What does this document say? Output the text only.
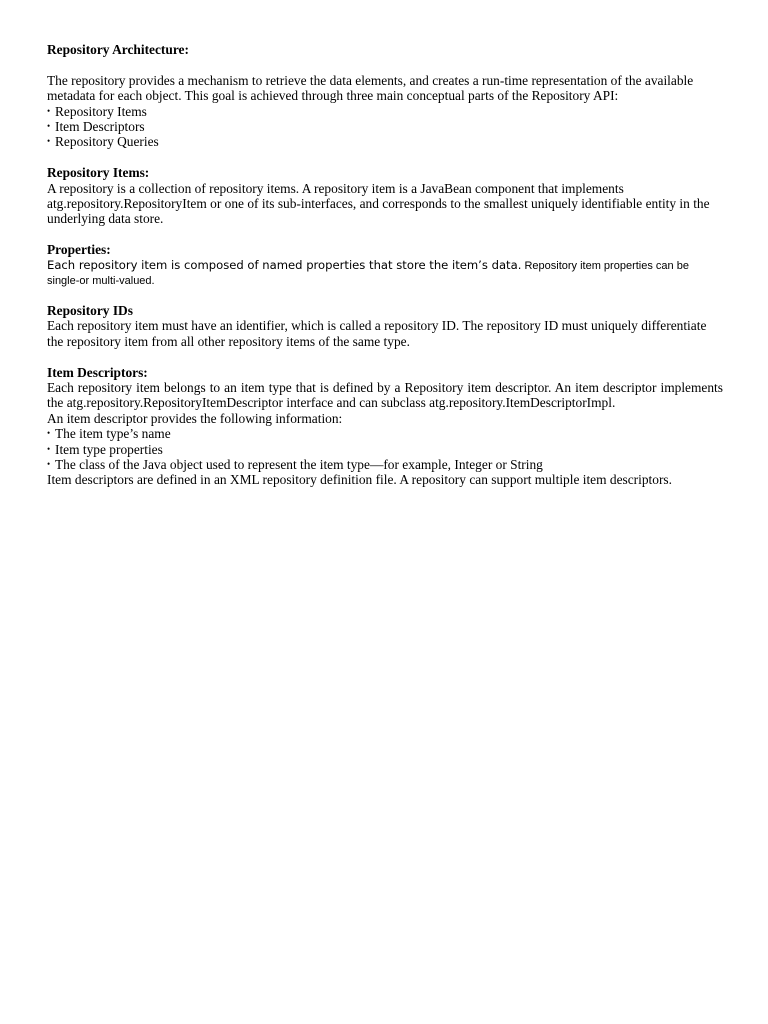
Repository Architecture:

The repository provides a mechanism to retrieve the data elements, and creates a run-time representation of the available metadata for each object. This goal is achieved through three main conceptual parts of the Repository API:

• Repository Items
• Item Descriptors
• Repository Queries
Repository Items:

A repository is a collection of repository items. A repository item is a JavaBean component that implements atg.repository.RepositoryItem or one of its sub-interfaces, and corresponds to the smallest uniquely identifiable entity in the underlying data store.

Properties:

Each repository item is composed of named properties that store the item’s data. Repository item properties can be single-or multi-valued.

Repository IDs

Each repository item must have an identifier, which is called a repository ID. The repository ID must uniquely differentiate the repository item from all other repository items of the same type.

Item Descriptors:

Each repository item belongs to an item type that is defined by a Repository item descriptor. An item descriptor implements the atg.repository.RepositoryItemDescriptor interface and can subclass atg.repository.ItemDescriptorImpl.

An item descriptor provides the following information:

• The item type’s name
• Item type properties
• The class of the Java object used to represent the item type—for example, Integer or String

Item descriptors are defined in an XML repository definition file. A repository can support multiple item descriptors.
